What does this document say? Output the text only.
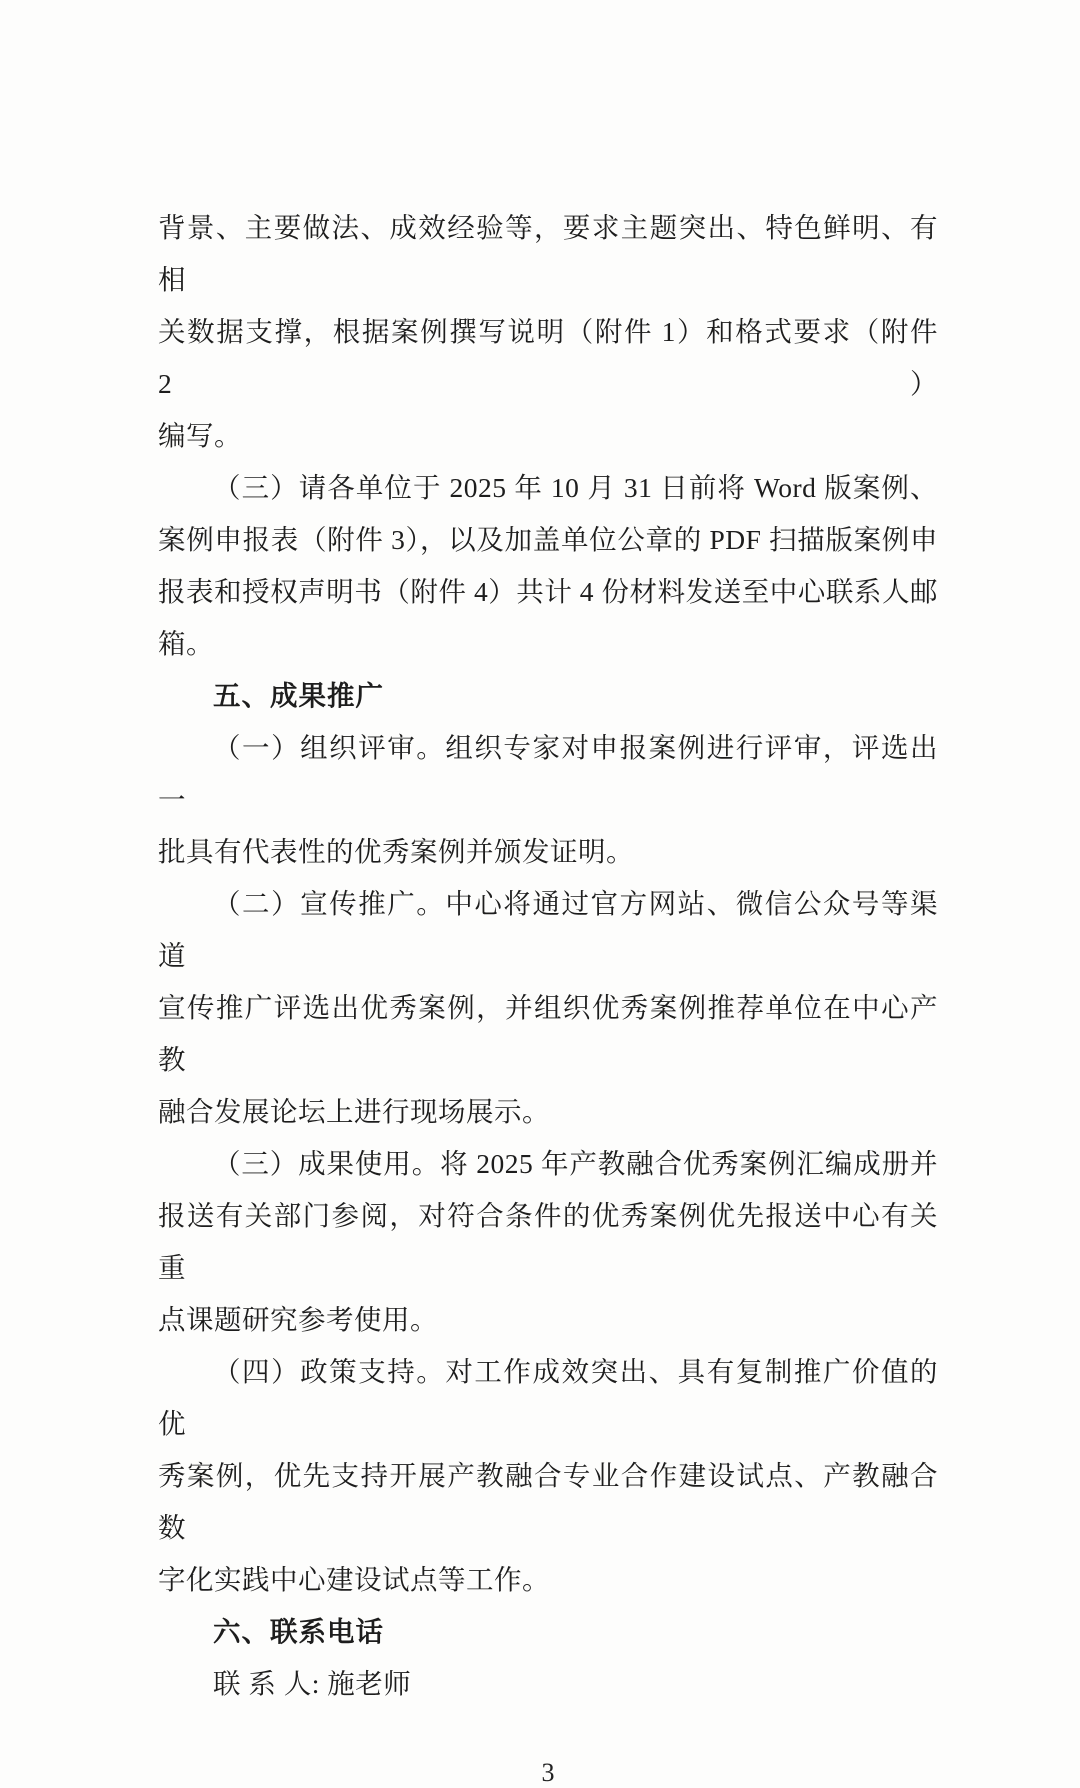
背景、主要做法、成效经验等，要求主题突出、特色鲜明、有相
关数据支撑，根据案例撰写说明（附件 1）和格式要求（附件 2）
编写。
（三）请各单位于 2025 年 10 月 31 日前将 Word 版案例、
案例申报表（附件 3），以及加盖单位公章的 PDF 扫描版案例申
报表和授权声明书（附件 4）共计 4 份材料发送至中心联系人邮
箱。
五、成果推广
（一）组织评审。组织专家对申报案例进行评审，评选出一
批具有代表性的优秀案例并颁发证明。
（二）宣传推广。中心将通过官方网站、微信公众号等渠道
宣传推广评选出优秀案例，并组织优秀案例推荐单位在中心产教
融合发展论坛上进行现场展示。
（三）成果使用。将 2025 年产教融合优秀案例汇编成册并
报送有关部门参阅，对符合条件的优秀案例优先报送中心有关重
点课题研究参考使用。
（四）政策支持。对工作成效突出、具有复制推广价值的优
秀案例，优先支持开展产教融合专业合作建设试点、产教融合数
字化实践中心建设试点等工作。
六、联系电话
联 系 人: 施老师
3
